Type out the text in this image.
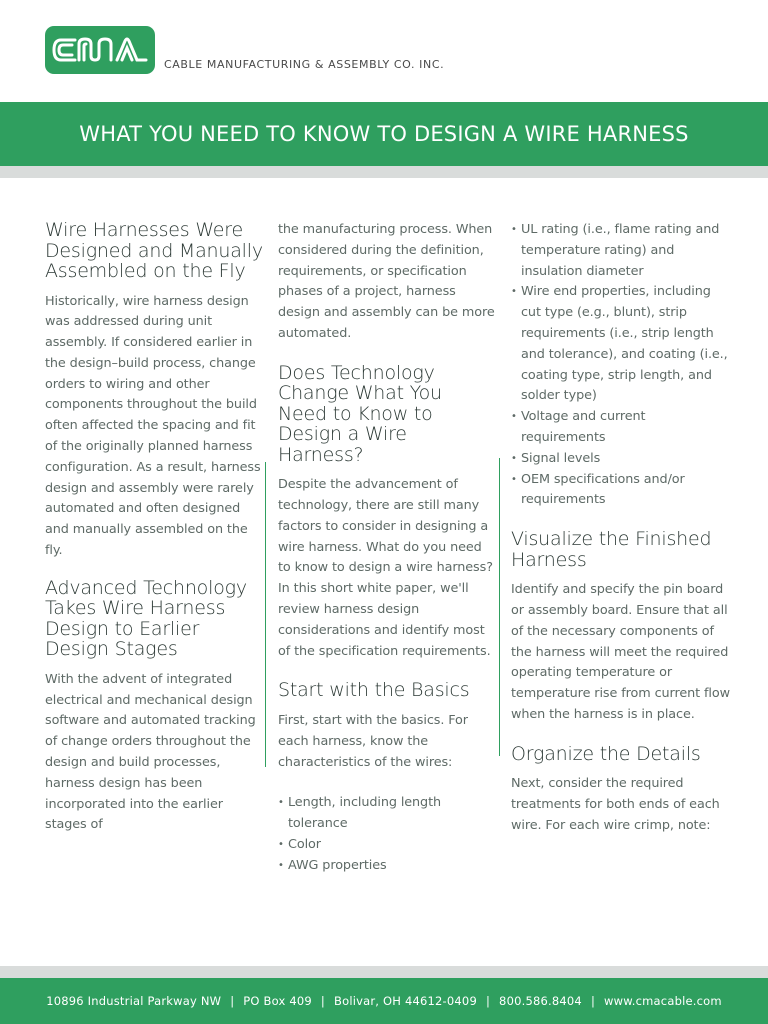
CABLE MANUFACTURING & ASSEMBLY CO. INC.
WHAT YOU NEED TO KNOW TO DESIGN A WIRE HARNESS
Wire Harnesses Were Designed and Manually Assembled on the Fly

Historically, wire harness design was addressed during unit assembly. If considered earlier in the design–build process, change orders to wiring and other components throughout the build often affected the spacing and fit of the originally planned harness configuration. As a result, harness design and assembly were rarely automated and often designed and manually assembled on the fly.

Advanced Technology Takes Wire Harness Design to Earlier Design Stages

With the advent of integrated electrical and mechanical design software and automated tracking of change orders throughout the design and build processes, harness design has been incorporated into the earlier stages of

the manufacturing process. When considered during the definition, requirements, or specification phases of a project, harness design and assembly can be more automated.

Does Technology Change What You Need to Know to Design a Wire Harness?

Despite the advancement of technology, there are still many factors to consider in designing a wire harness. What do you need to know to design a wire harness? In this short white paper, we'll review harness design considerations and identify most of the specification requirements.

Start with the Basics

First, start with the basics. For each harness, know the characteristics of the wires:

• Length, including length tolerance
• Color
• AWG properties
• UL rating (i.e., flame rating and temperature rating) and insulation diameter
• Wire end properties, including cut type (e.g., blunt), strip requirements (i.e., strip length and tolerance), and coating (i.e., coating type, strip length, and solder type)
• Voltage and current requirements
• Signal levels
• OEM specifications and/or requirements
Visualize the Finished Harness

Identify and specify the pin board or assembly board. Ensure that all of the necessary components of the harness will meet the required operating temperature or temperature rise from current flow when the harness is in place.

Organize the Details

Next, consider the required treatments for both ends of each wire. For each wire crimp, note:

10896 Industrial Parkway NW | PO Box 409 | Bolivar, OH 44612-0409 | 800.586.8404 | www.cmacable.com
